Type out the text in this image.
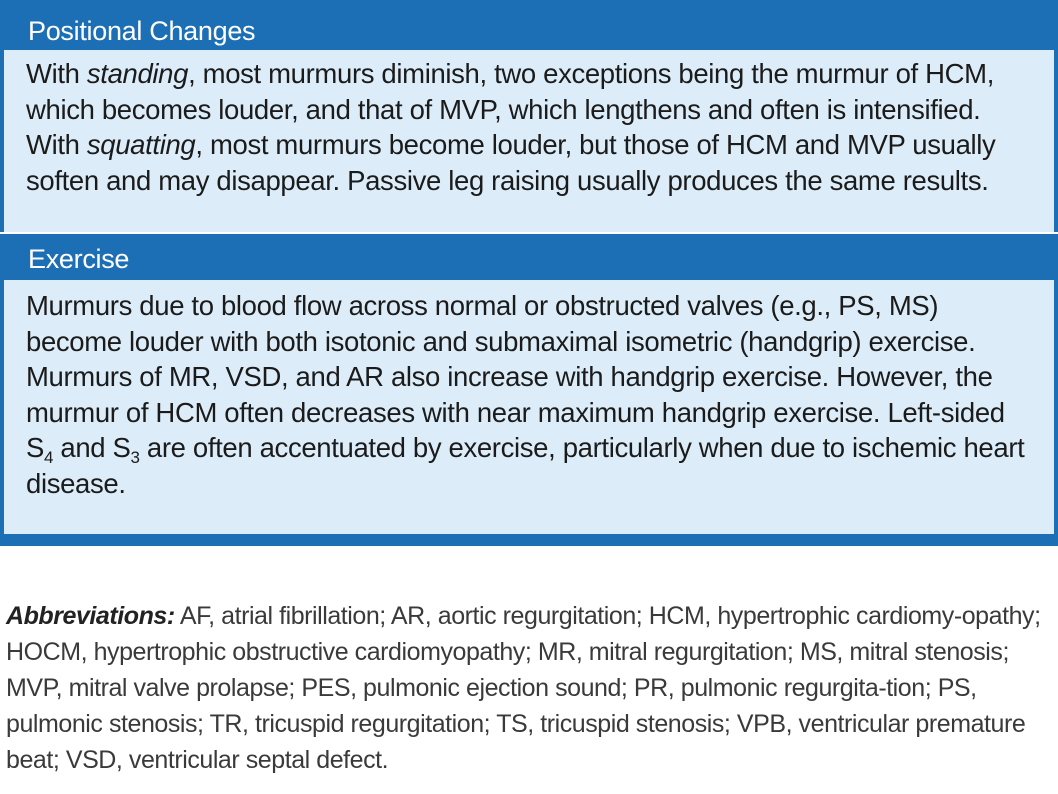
Positional Changes
With standing, most murmurs diminish, two exceptions being the murmur of HCM, which becomes louder, and that of MVP, which lengthens and often is intensified. With squatting, most murmurs become louder, but those of HCM and MVP usually soften and may disappear. Passive leg raising usually produces the same results.
Exercise
Murmurs due to blood flow across normal or obstructed valves (e.g., PS, MS) become louder with both isotonic and submaximal isometric (handgrip) exercise. Murmurs of MR, VSD, and AR also increase with handgrip exercise. However, the murmur of HCM often decreases with near maximum handgrip exercise. Left-sided $S_4$ and $S_3$ are often accentuated by exercise, particularly when due to ischemic heart disease.
Abbreviations: AF, atrial fibrillation; AR, aortic regurgitation; HCM, hypertrophic cardiomy-opathy; HOCM, hypertrophic obstructive cardiomyopathy; MR, mitral regurgitation; MS, mitral stenosis; MVP, mitral valve prolapse; PES, pulmonic ejection sound; PR, pulmonic regurgita-tion; PS, pulmonic stenosis; TR, tricuspid regurgitation; TS, tricuspid stenosis; VPB, ventricular premature beat; VSD, ventricular septal defect.
